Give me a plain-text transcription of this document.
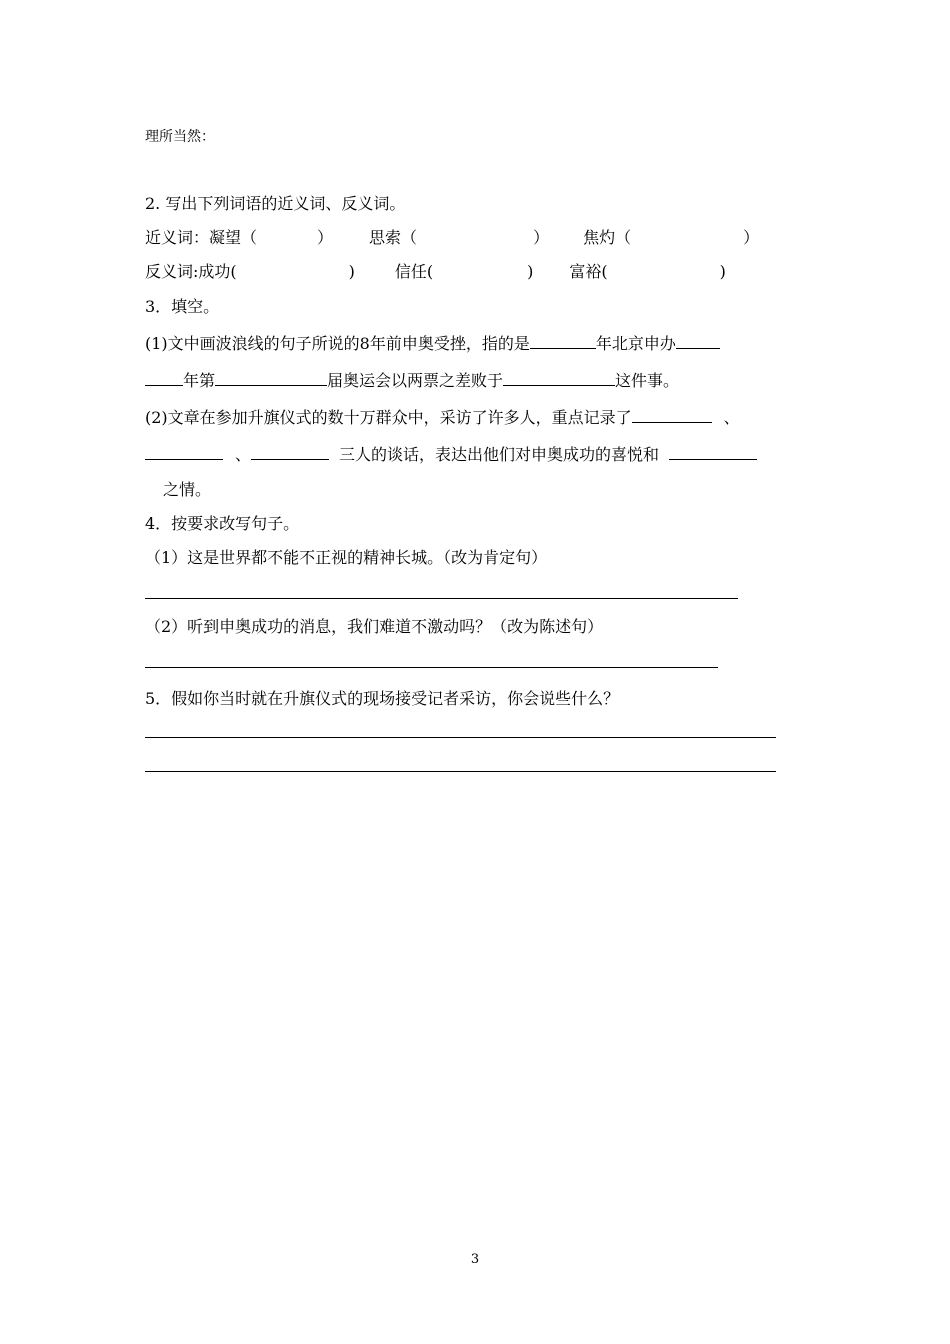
理所当然：
2. 写出下列词语的近义词、反义词。
近义词：凝望（	） 思索（	） 焦灼（	）
反义词:成功(	)	信任(	) 富裕(	)
3．填空。
(1)文中画波浪线的句子所说的8年前申奥受挫，指的是	年北京申办
年第	届奥运会以两票之差败于	这件事。
(2)文章在参加升旗仪式的数十万群众中，采访了许多人，重点记录了	、
、	三人的谈话，表达出他们对申奥成功的喜悦和
之情。
4．按要求改写句子。
（1）这是世界都不能不正视的精神长城。（改为肯定句）
（2）听到申奥成功的消息，我们难道不激动吗？（改为陈述句）
5．假如你当时就在升旗仪式的现场接受记者采访，你会说些什么？
3
